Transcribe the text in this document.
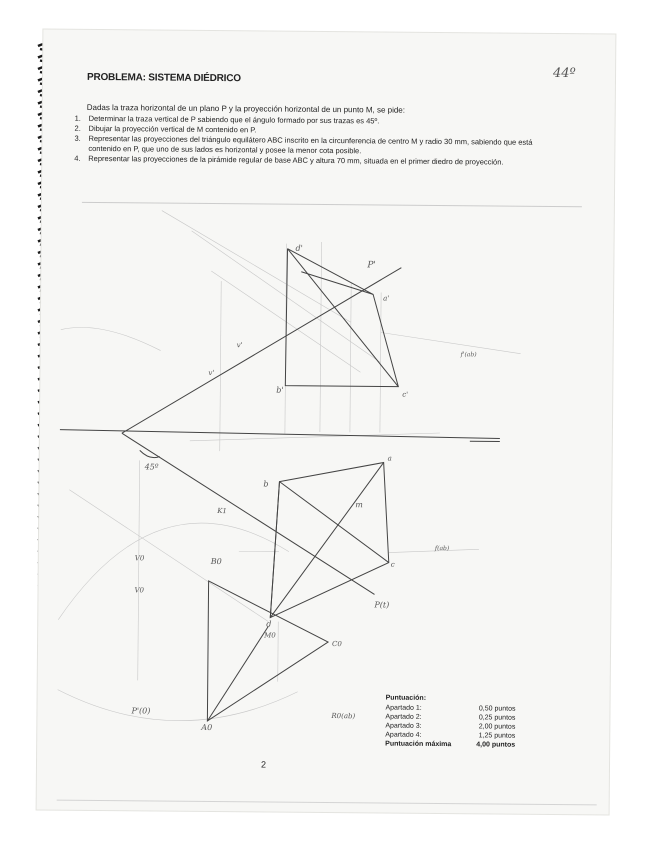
44º
PROBLEMA: SISTEMA DIÉDRICO
Dadas la traza horizontal de un plano P y la proyección horizontal de un punto M, se pide:
1.	Determinar la traza vertical de P sabiendo que el ángulo formado por sus trazas es 45º.
2.	Dibujar la proyección vertical de M contenido en P.
3.	Representar las proyecciones del triángulo equilátero ABC inscrito en la circunferencia de centro M y radio 30 mm, sabiendo que está contenido en P, que uno de sus lados es horizontal y posee la menor cota posible.
4.	Representar las proyecciones de la pirámide regular de base ABC y altura 70 mm, situada en el primer diedro de proyección.
d'
P'
a'
b'
c'
v'
v'
45º
a
b
m
c
K1
V0
V0
B0
d
M0
C0
P(t)
P'(0)
A0
R0(ab)
f'(ab)
f(ab)
Puntuación:
Apartado 1:	0,50 puntos
Apartado 2:	0,25 puntos
Apartado 3:	2,00 puntos
Apartado 4:	1,25 puntos
Puntuación máxima	4,00 puntos
2
